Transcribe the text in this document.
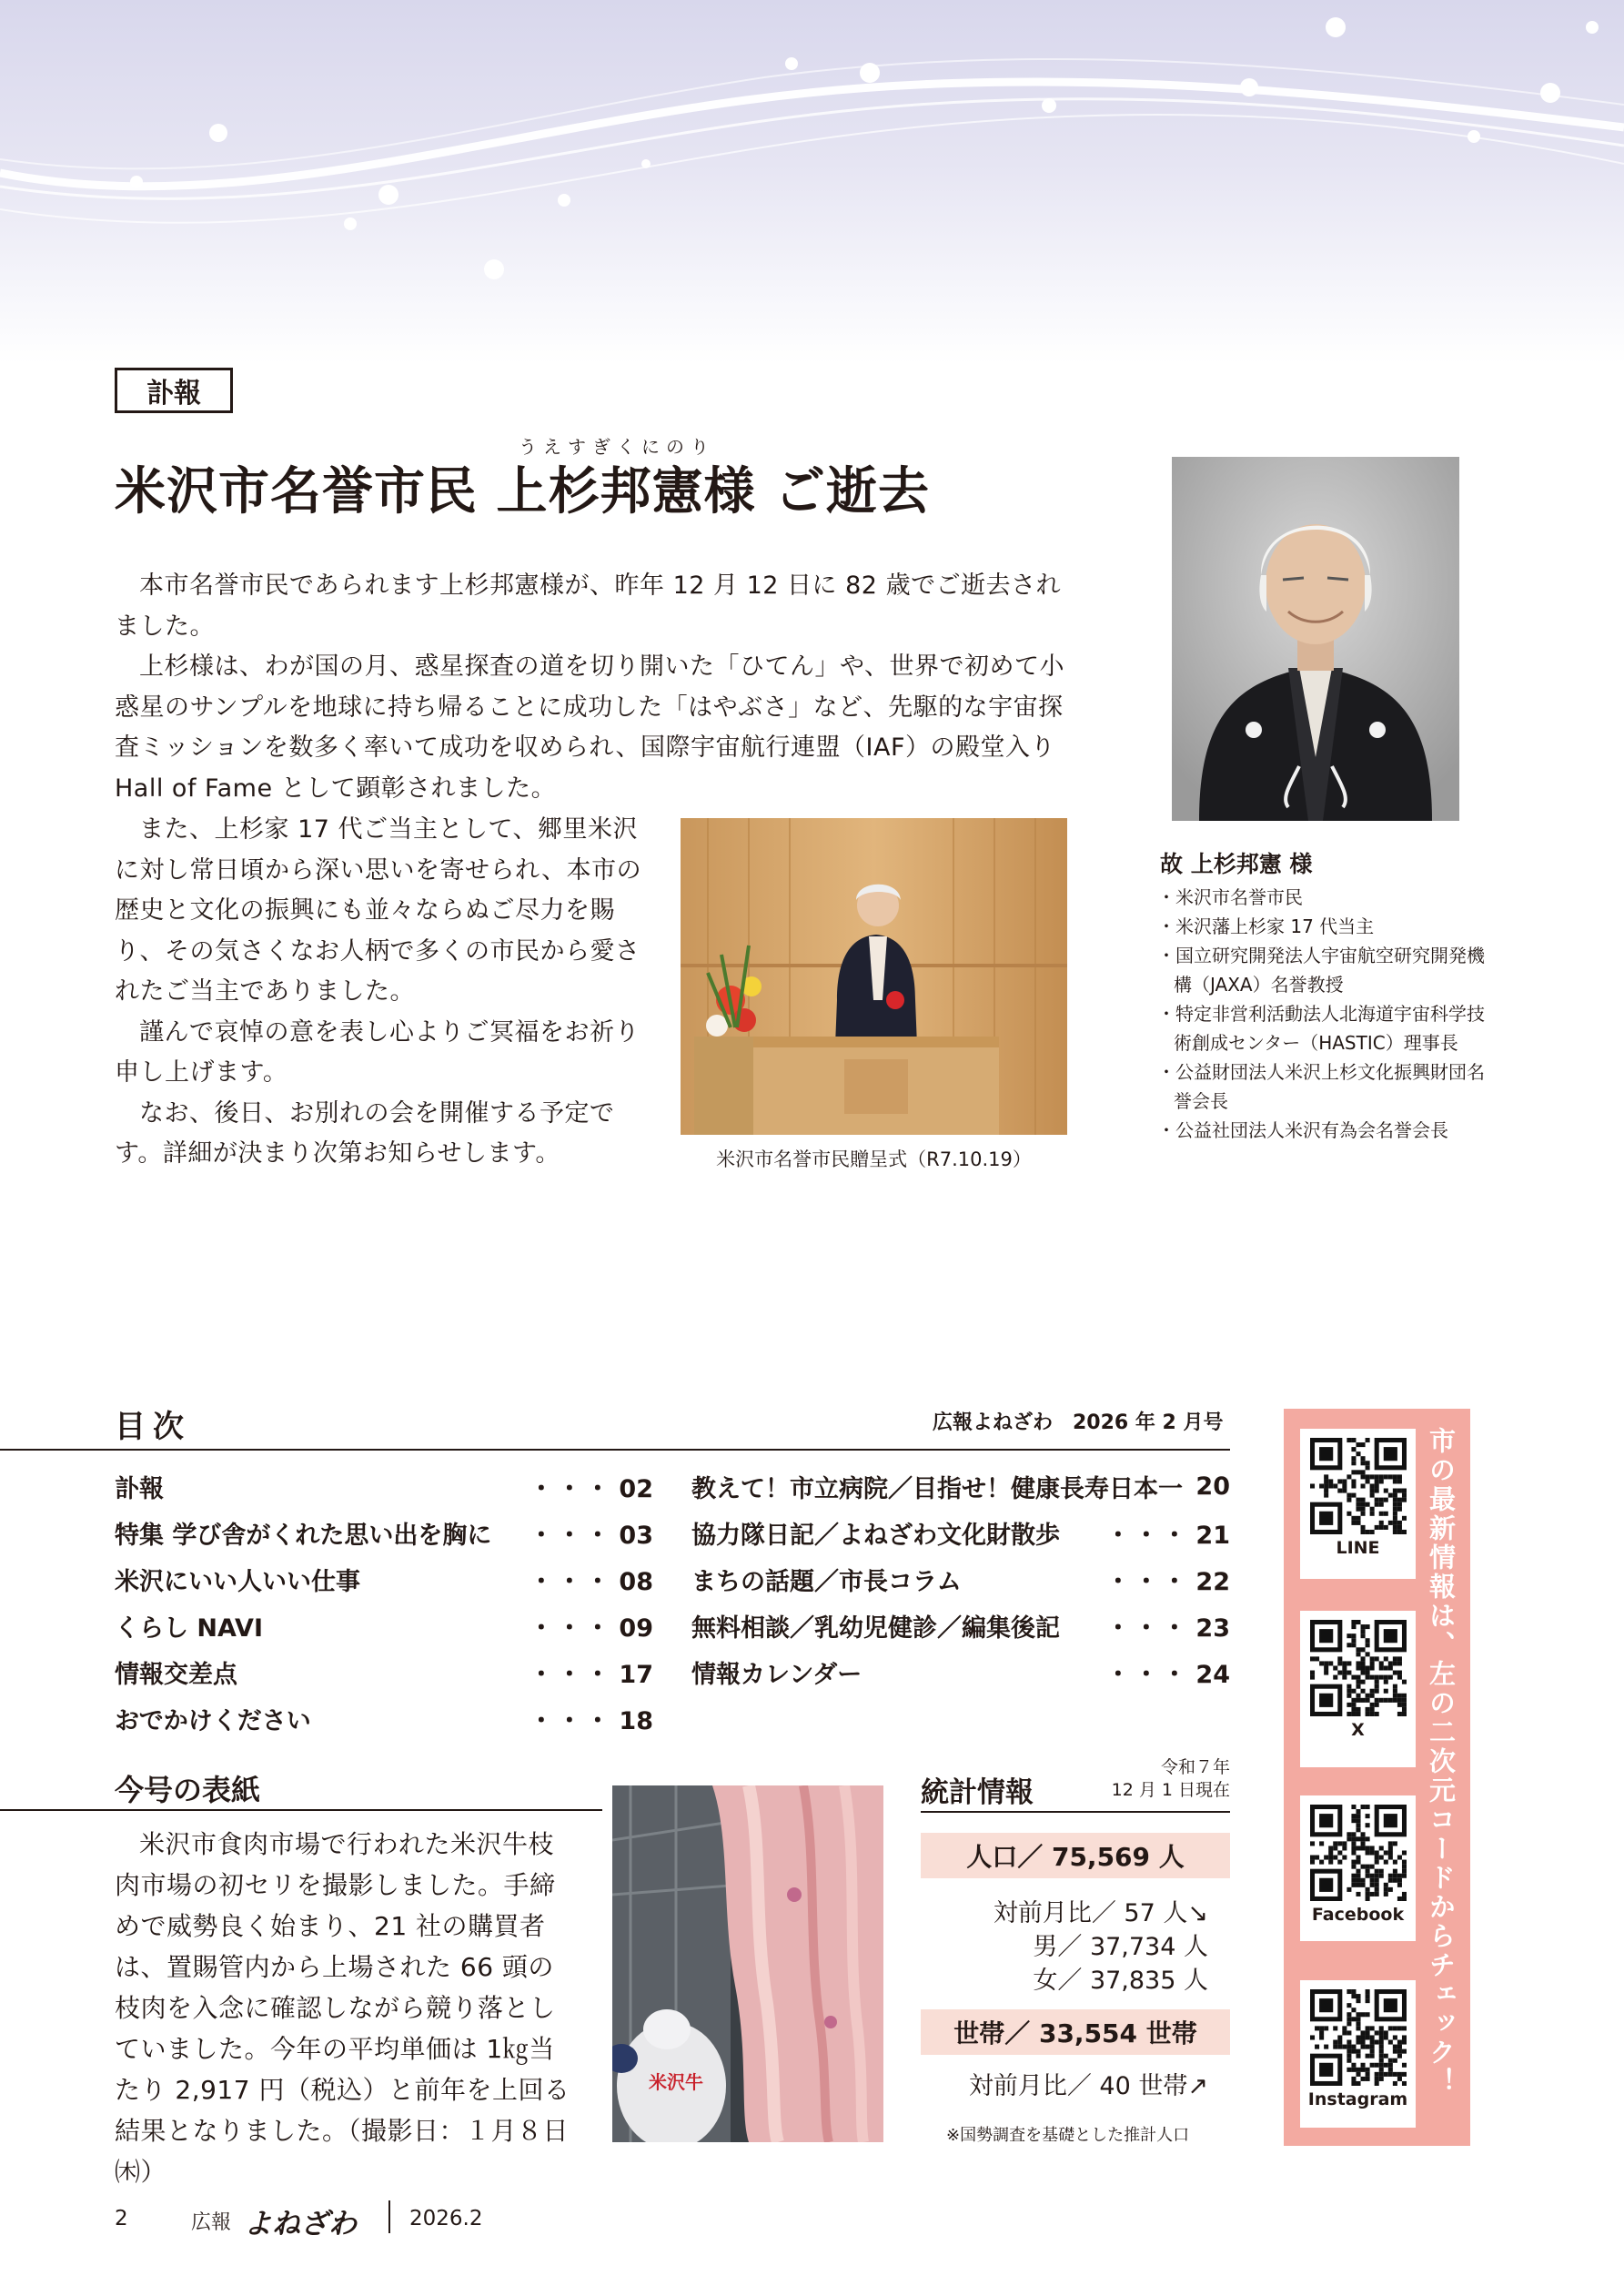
訃報
うえすぎくにのり
米沢市名誉市民 上杉邦憲様 ご逝去

本市名誉市民であられます上杉邦憲様が、昨年 12 月 12 日に 82 歳でご逝去されました。

上杉様は、わが国の月、惑星探査の道を切り開いた「ひてん」や、世界で初めて小惑星のサンプルを地球に持ち帰ることに成功した「はやぶさ」など、先駆的な宇宙探査ミッションを数多く率いて成功を収められ、国際宇宙航行連盟（IAF）の殿堂入り Hall of Fame として顕彰されました。

また、上杉家 17 代ご当主として、郷里米沢に対し常日頃から深い思いを寄せられ、本市の歴史と文化の振興にも並々ならぬご尽力を賜り、その気さくなお人柄で多くの市民から愛されたご当主でありました。

謹んで哀悼の意を表し心よりご冥福をお祈り申し上げます。

なお、後日、お別れの会を開催する予定です。詳細が決まり次第お知らせします。	米沢市名誉市民贈呈式（R7.10.19）
故 上杉邦憲 様
・ 米沢市名誉市民
・ 米沢藩上杉家 17 代当主
・ 国立研究開発法人宇宙航空研究開発機構（JAXA）名誉教授
・ 特定非営利活動法人北海道宇宙科学技術創成センター（HASTIC）理事長
・ 公益財団法人米沢上杉文化振興財団名誉会長
・ 公益社団法人米沢有為会名誉会長
目次	広報よねざわ　2026 年 2 月号
訃報	・・・ 02
特集 学び舎がくれた思い出を胸に ・・・ 03
米沢にいい人いい仕事	・・・ 08
くらし NAVI	・・・ 09
情報交差点	・・・ 17
おでかけください	・・・ 18
教えて！市立病院／目指せ！健康長寿日本一 20
協力隊日記／よねざわ文化財散歩 ・・・ 21
まちの話題／市長コラム	・・・ 22
無料相談／乳幼児健診／編集後記 ・・・ 23
情報カレンダー	・・・ 24
今号の表紙

米沢市食肉市場で行われた米沢牛枝肉市場の初セリを撮影しました。手締めで威勢良く始まり、21 社の購買者は、置賜管内から上場された 66 頭の枝肉を入念に確認しながら競り落としていました。今年の平均単価は 1㎏当たり 2,917 円（税込）と前年を上回る結果となりました。（撮影日：１月８日㈭）

米沢牛
統計情報
令和７年
12 月 1 日現在
人口／ 75,569 人
対前月比／ 57 人↘
男／ 37,734 人
女／ 37,835 人
世帯／ 33,554 世帯
対前月比／ 40 世帯↗
※国勢調査を基礎とした推計人口
LINE
X
Facebook
Instagram
市の最新情報は、左の二次元コードからチェック！
2	広報 よねざわ	2026.2
